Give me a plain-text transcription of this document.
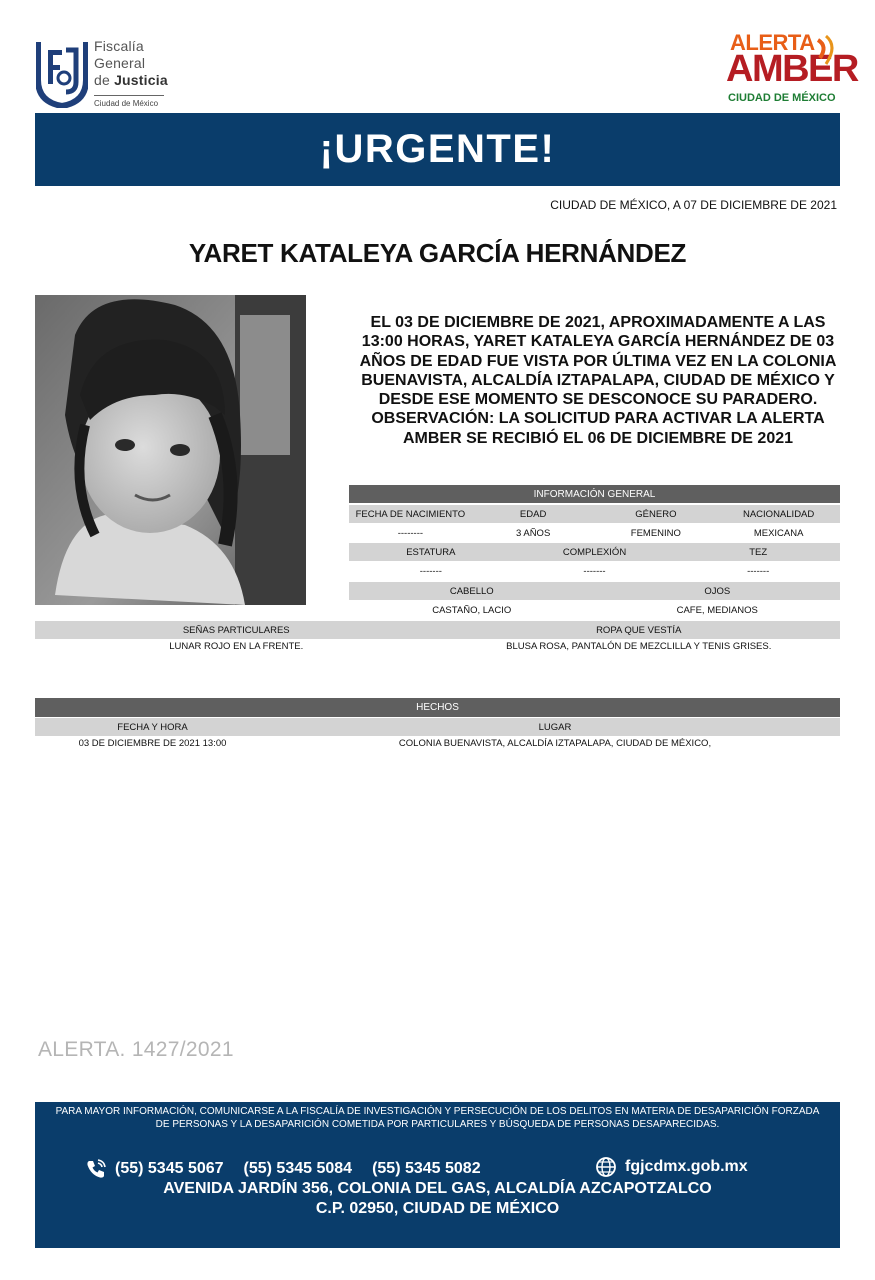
Fiscalía
General
de Justicia
Ciudad de México
ALERTA
AMBER
CIUDAD DE MÉXICO
¡URGENTE!
CIUDAD DE MÉXICO, A 07 DE DICIEMBRE DE 2021
YARET KATALEYA GARCÍA HERNÁNDEZ
EL 03 DE DICIEMBRE DE 2021, APROXIMADAMENTE A LAS 13:00 HORAS, YARET KATALEYA GARCÍA HERNÁNDEZ DE 03 AÑOS DE EDAD FUE VISTA POR ÚLTIMA VEZ EN LA COLONIA BUENAVISTA, ALCALDÍA IZTAPALAPA, CIUDAD DE MÉXICO Y DESDE ESE MOMENTO SE DESCONOCE SU PARADERO. OBSERVACIÓN: LA SOLICITUD PARA ACTIVAR LA ALERTA AMBER SE RECIBIÓ EL 06 DE DICIEMBRE DE 2021
INFORMACIÓN GENERAL
FECHA DE NACIMIENTO	EDAD	GÉNERO	NACIONALIDAD
--------	3 AÑOS	FEMENINO	MEXICANA
ESTATURA	COMPLEXIÓN	TEZ
-------	-------	-------
CABELLO	OJOS
CASTAÑO, LACIO	CAFE, MEDIANOS
SEÑAS PARTICULARES	ROPA QUE VESTÍA
LUNAR ROJO EN LA FRENTE.	BLUSA ROSA, PANTALÓN DE MEZCLILLA Y TENIS GRISES.
HECHOS
FECHA Y HORA	LUGAR
03 DE DICIEMBRE DE 2021 13:00	COLONIA BUENAVISTA, ALCALDÍA IZTAPALAPA, CIUDAD DE MÉXICO,
ALERTA. 1427/2021
PARA MAYOR INFORMACIÓN, COMUNICARSE A LA FISCALÍA DE INVESTIGACIÓN Y PERSECUCIÓN DE LOS DELITOS EN MATERIA DE DESAPARICIÓN FORZADA DE PERSONAS Y LA DESAPARICIÓN COMETIDA POR PARTICULARES Y BÚSQUEDA DE PERSONAS DESAPARECIDAS.
(55) 5345 5067 (55) 5345 5084 (55) 5345 5082	fgjcdmx.gob.mx
AVENIDA JARDÍN 356, COLONIA DEL GAS, ALCALDÍA AZCAPOTZALCO
C.P. 02950, CIUDAD DE MÉXICO
